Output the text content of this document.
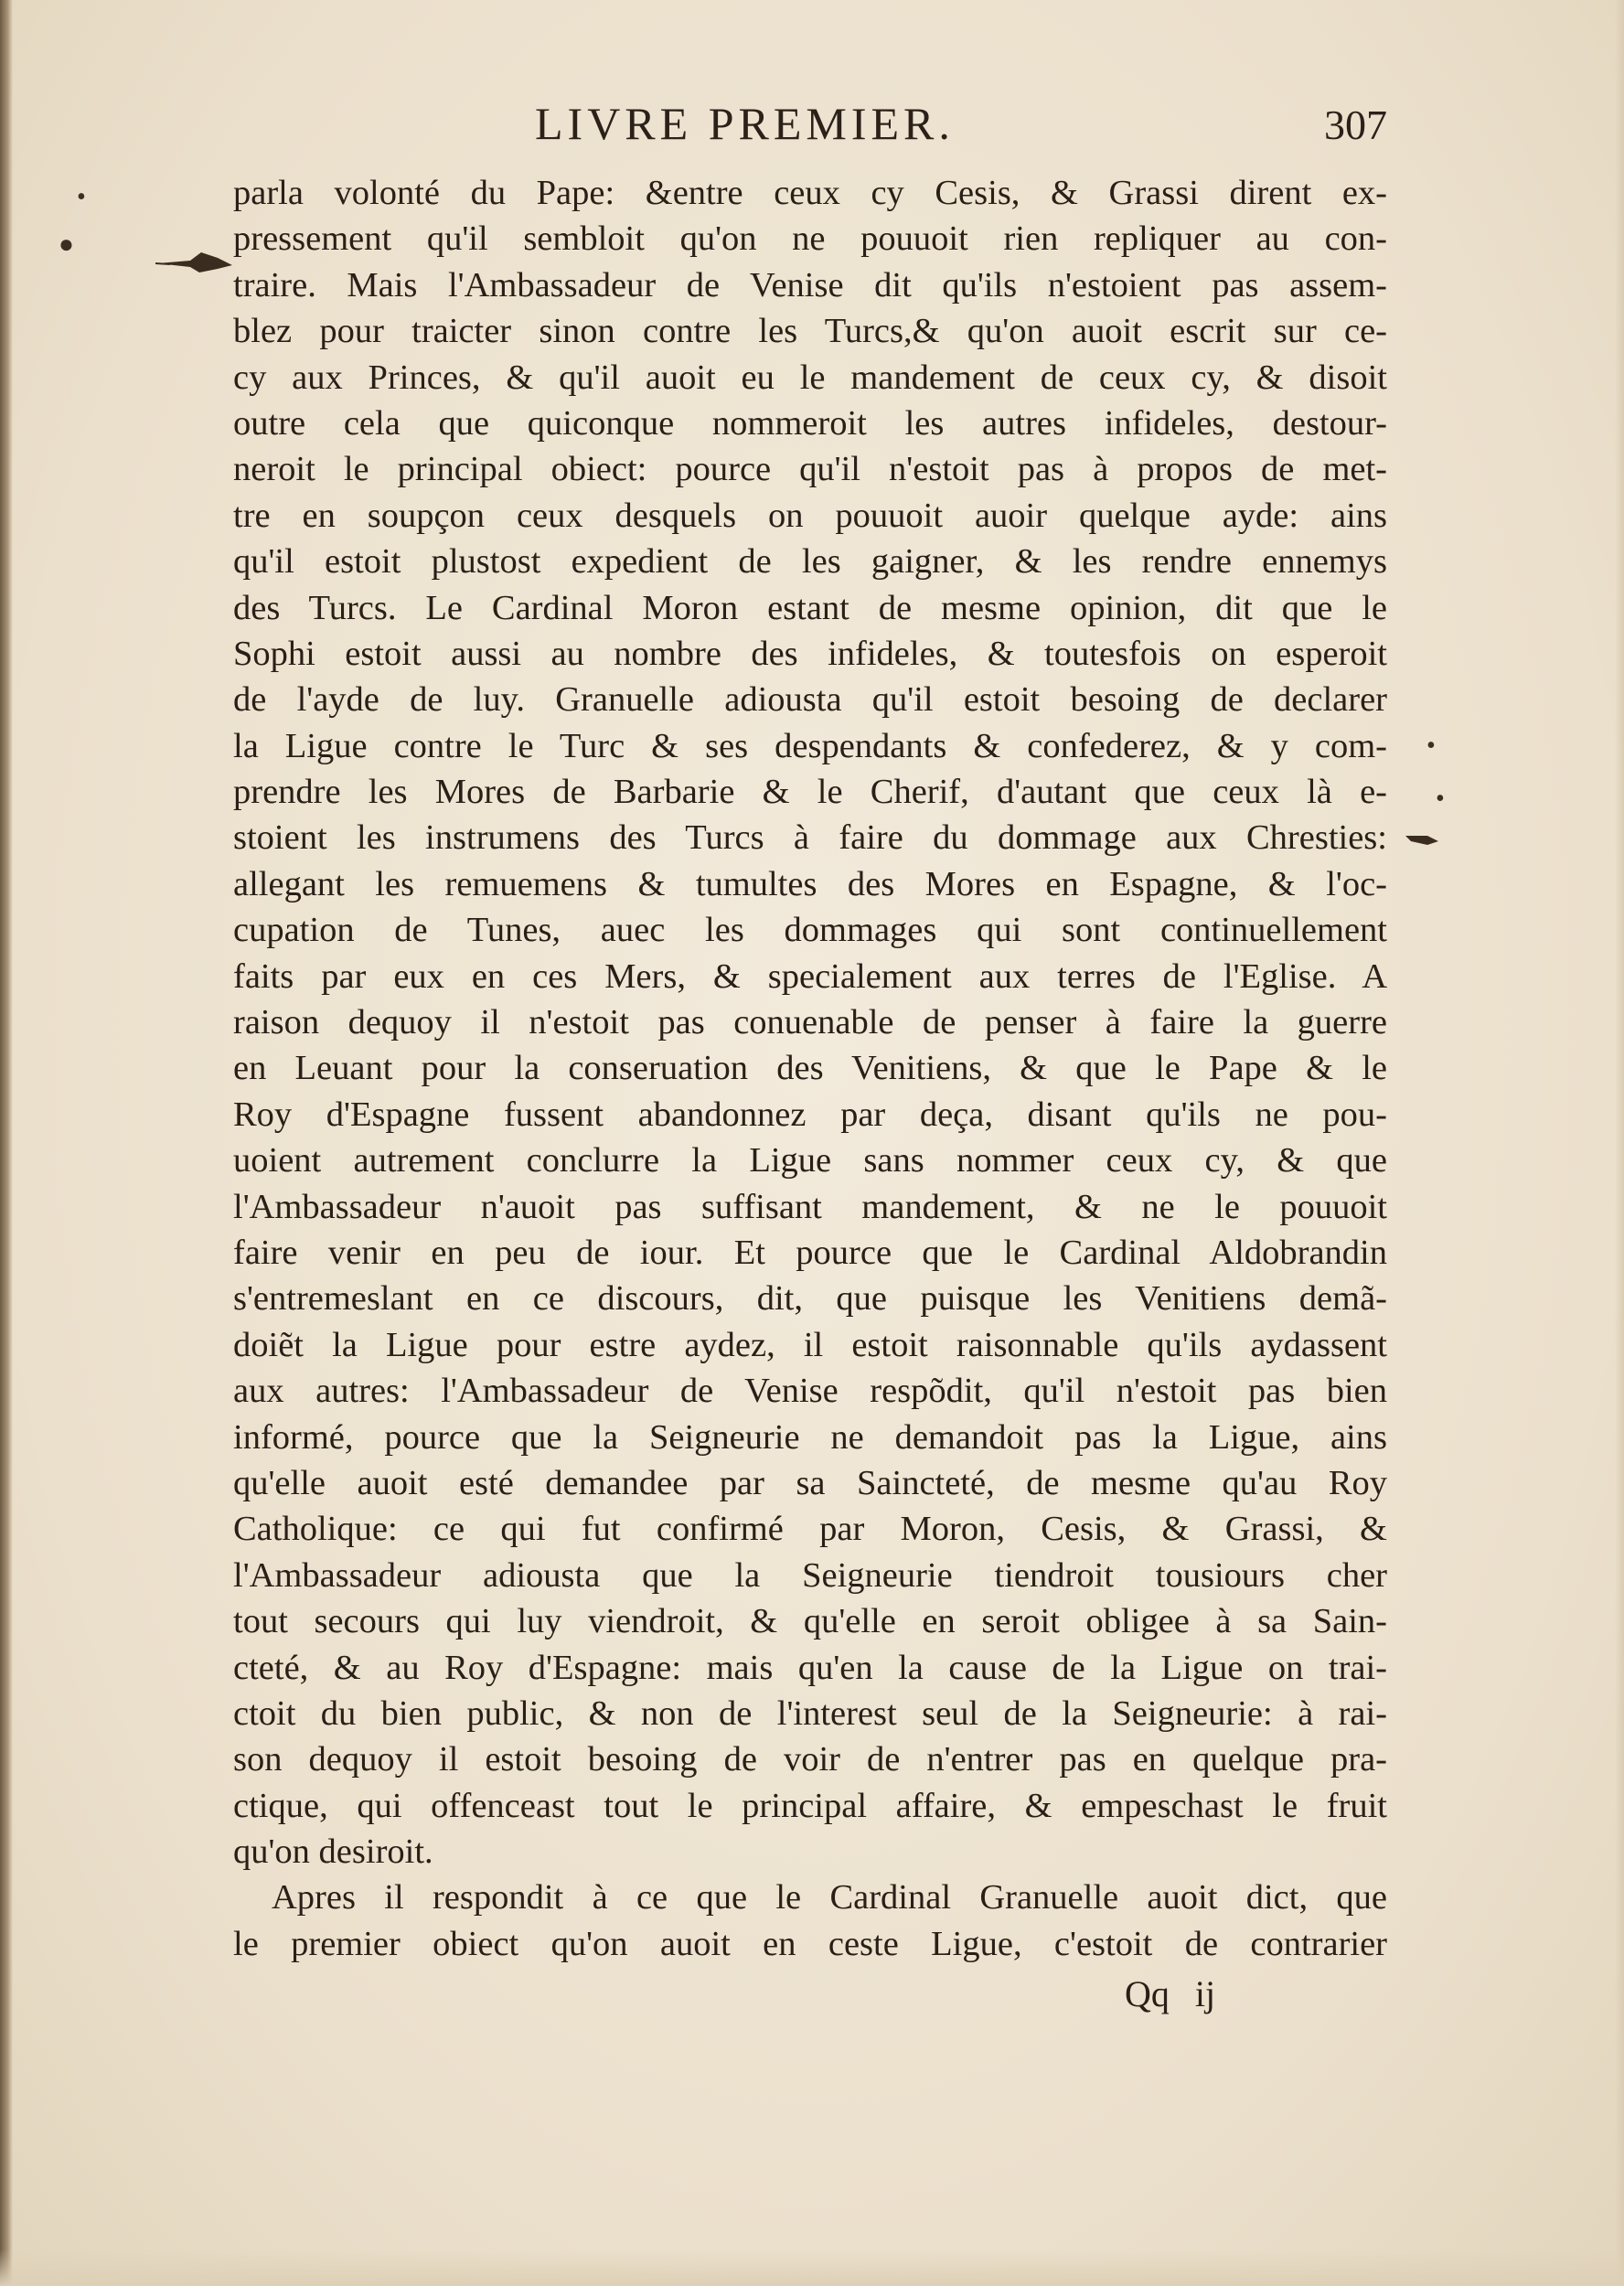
LIVRE PREMIER.	307
•
●
•
•
parla volonté du Pape: &entre ceux cy Cesis, & Grassi dirent ex-
pressement qu'il sembloit qu'on ne pouuoit rien repliquer au con-
traire. Mais l'Ambassadeur de Venise dit qu'ils n'estoient pas assem-
blez pour traicter sinon contre les Turcs,& qu'on auoit escrit sur ce-
cy aux Princes, & qu'il auoit eu le mandement de ceux cy, & disoit
outre cela que quiconque nommeroit les autres infideles, destour-
neroit le principal obiect: pource qu'il n'estoit pas à propos de met-
tre en soupçon ceux desquels on pouuoit auoir quelque ayde: ains
qu'il estoit plustost expedient de les gaigner, & les rendre ennemys
des Turcs. Le Cardinal Moron estant de mesme opinion, dit que le
Sophi estoit aussi au nombre des infideles, & toutesfois on esperoit
de l'ayde de luy. Granuelle adiousta qu'il estoit besoing de declarer
la Ligue contre le Turc & ses despendants & confederez, & y com-
prendre les Mores de Barbarie & le Cherif, d'autant que ceux là e-
stoient les instrumens des Turcs à faire du dommage aux Chresties:
allegant les remuemens & tumultes des Mores en Espagne, & l'oc-
cupation de Tunes, auec les dommages qui sont continuellement
faits par eux en ces Mers, & specialement aux terres de l'Eglise. A
raison dequoy il n'estoit pas conuenable de penser à faire la guerre
en Leuant pour la conseruation des Venitiens, & que le Pape & le
Roy d'Espagne fussent abandonnez par deça, disant qu'ils ne pou-
uoient autrement conclurre la Ligue sans nommer ceux cy, & que
l'Ambassadeur n'auoit pas suffisant mandement, & ne le pouuoit
faire venir en peu de iour. Et pource que le Cardinal Aldobrandin
s'entremeslant en ce discours, dit, que puisque les Venitiens demã-
doiẽt la Ligue pour estre aydez, il estoit raisonnable qu'ils aydassent
aux autres: l'Ambassadeur de Venise respõdit, qu'il n'estoit pas bien
informé, pource que la Seigneurie ne demandoit pas la Ligue, ains
qu'elle auoit esté demandee par sa Saincteté, de mesme qu'au Roy
Catholique: ce qui fut confirmé par Moron, Cesis, & Grassi, &
l'Ambassadeur adiousta que la Seigneurie tiendroit tousiours cher
tout secours qui luy viendroit, & qu'elle en seroit obligee à sa Sain-
cteté, & au Roy d'Espagne: mais qu'en la cause de la Ligue on trai-
ctoit du bien public, & non de l'interest seul de la Seigneurie: à rai-
son dequoy il estoit besoing de voir de n'entrer pas en quelque pra-
ctique, qui offenceast tout le principal affaire, & empeschast le fruit
qu'on desiroit.
Apres il respondit à ce que le Cardinal Granuelle auoit dict, que
le premier obiect qu'on auoit en ceste Ligue, c'estoit de contrarier
Qq ij
